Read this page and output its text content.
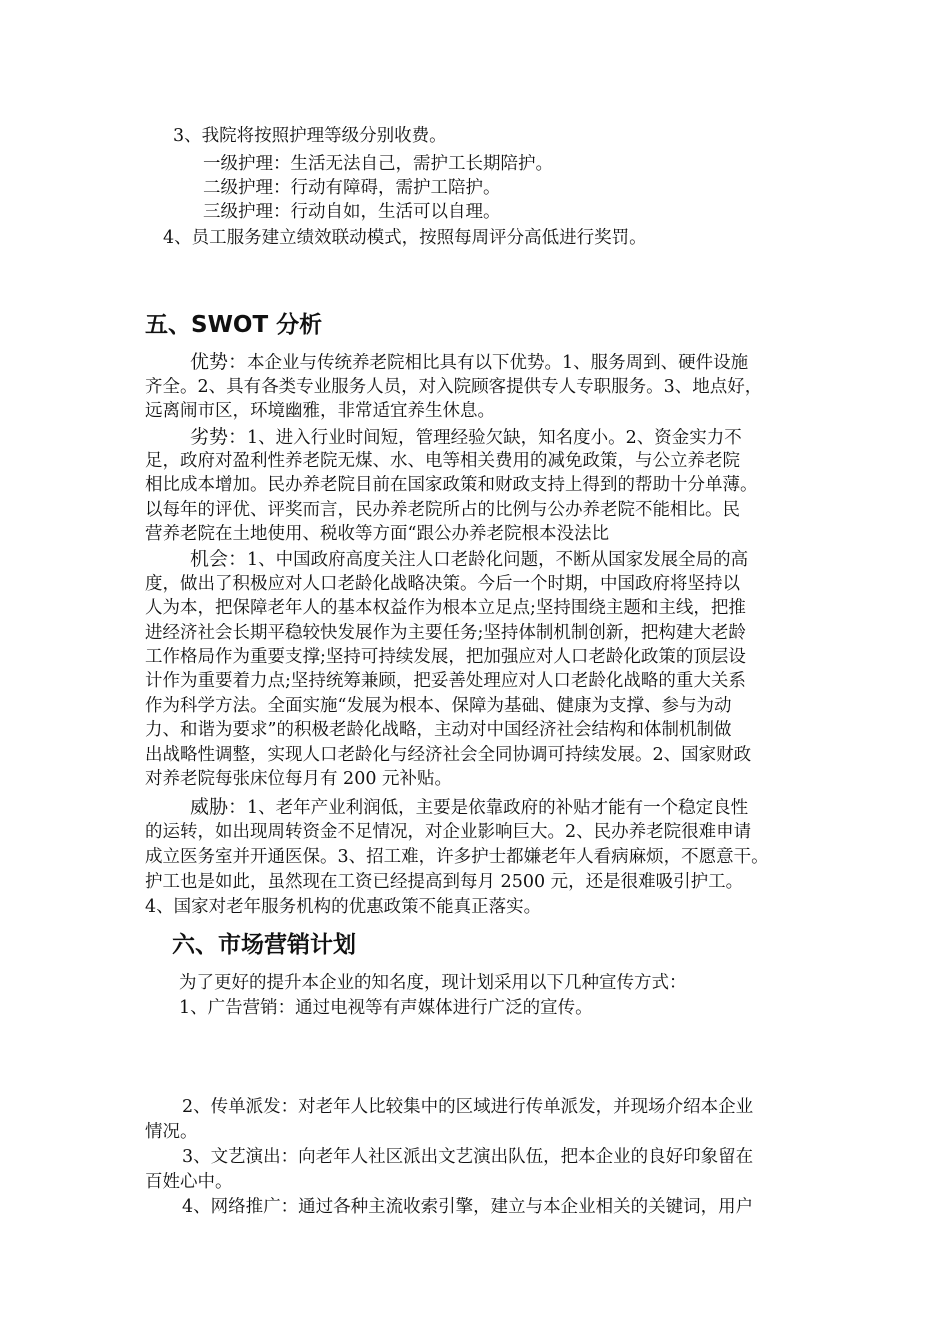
3、我院将按照护理等级分别收费。
一级护理：生活无法自己，需护工长期陪护。
二级护理：行动有障碍，需护工陪护。
三级护理：行动自如，生活可以自理。
4、员工服务建立绩效联动模式，按照每周评分高低进行奖罚。
五、SWOT 分析
优势：本企业与传统养老院相比具有以下优势。1、服务周到、硬件设施
齐全。2、具有各类专业服务人员，对入院顾客提供专人专职服务。3、地点好，
远离闹市区，环境幽雅，非常适宜养生休息。
劣势：1、进入行业时间短，管理经验欠缺，知名度小。2、资金实力不
足，政府对盈利性养老院无煤、水、电等相关费用的减免政策，与公立养老院
相比成本增加。民办养老院目前在国家政策和财政支持上得到的帮助十分单薄。
以每年的评优、评奖而言，民办养老院所占的比例与公办养老院不能相比。民
营养老院在土地使用、税收等方面“跟公办养老院根本没法比
机会：1、中国政府高度关注人口老龄化问题，不断从国家发展全局的高
度，做出了积极应对人口老龄化战略决策。今后一个时期，中国政府将坚持以
人为本，把保障老年人的基本权益作为根本立足点;坚持围绕主题和主线，把推
进经济社会长期平稳较快发展作为主要任务;坚持体制机制创新，把构建大老龄
工作格局作为重要支撑;坚持可持续发展，把加强应对人口老龄化政策的顶层设
计作为重要着力点;坚持统筹兼顾，把妥善处理应对人口老龄化战略的重大关系
作为科学方法。全面实施“发展为根本、保障为基础、健康为支撑、参与为动
力、和谐为要求”的积极老龄化战略，主动对中国经济社会结构和体制机制做
出战略性调整，实现人口老龄化与经济社会全同协调可持续发展。2、国家财政
对养老院每张床位每月有 200 元补贴。
威胁：1、老年产业利润低，主要是依靠政府的补贴才能有一个稳定良性
的运转，如出现周转资金不足情况，对企业影响巨大。2、民办养老院很难申请
成立医务室并开通医保。3、招工难，许多护士都嫌老年人看病麻烦，不愿意干。
护工也是如此，虽然现在工资已经提高到每月 2500 元，还是很难吸引护工。
4、国家对老年服务机构的优惠政策不能真正落实。
六、市场营销计划
为了更好的提升本企业的知名度，现计划采用以下几种宣传方式：
1、广告营销：通过电视等有声媒体进行广泛的宣传。
2、传单派发：对老年人比较集中的区域进行传单派发，并现场介绍本企业
情况。
3、文艺演出：向老年人社区派出文艺演出队伍，把本企业的良好印象留在
百姓心中。
4、网络推广：通过各种主流收索引擎，建立与本企业相关的关键词，用户
